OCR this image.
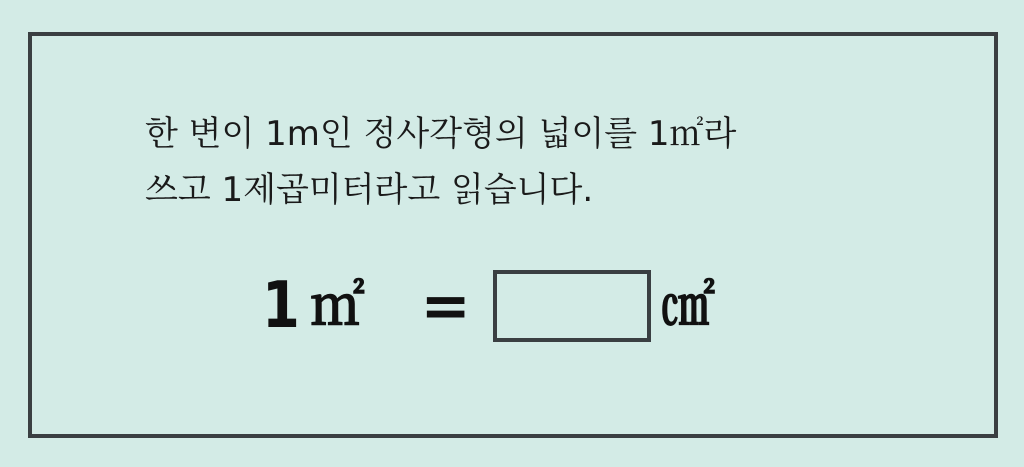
한 변이 1m인 정사각형의 넓이를 1㎡라
쓰고 1제곱미터라고 읽습니다.
1 ㎡ =	㎠
